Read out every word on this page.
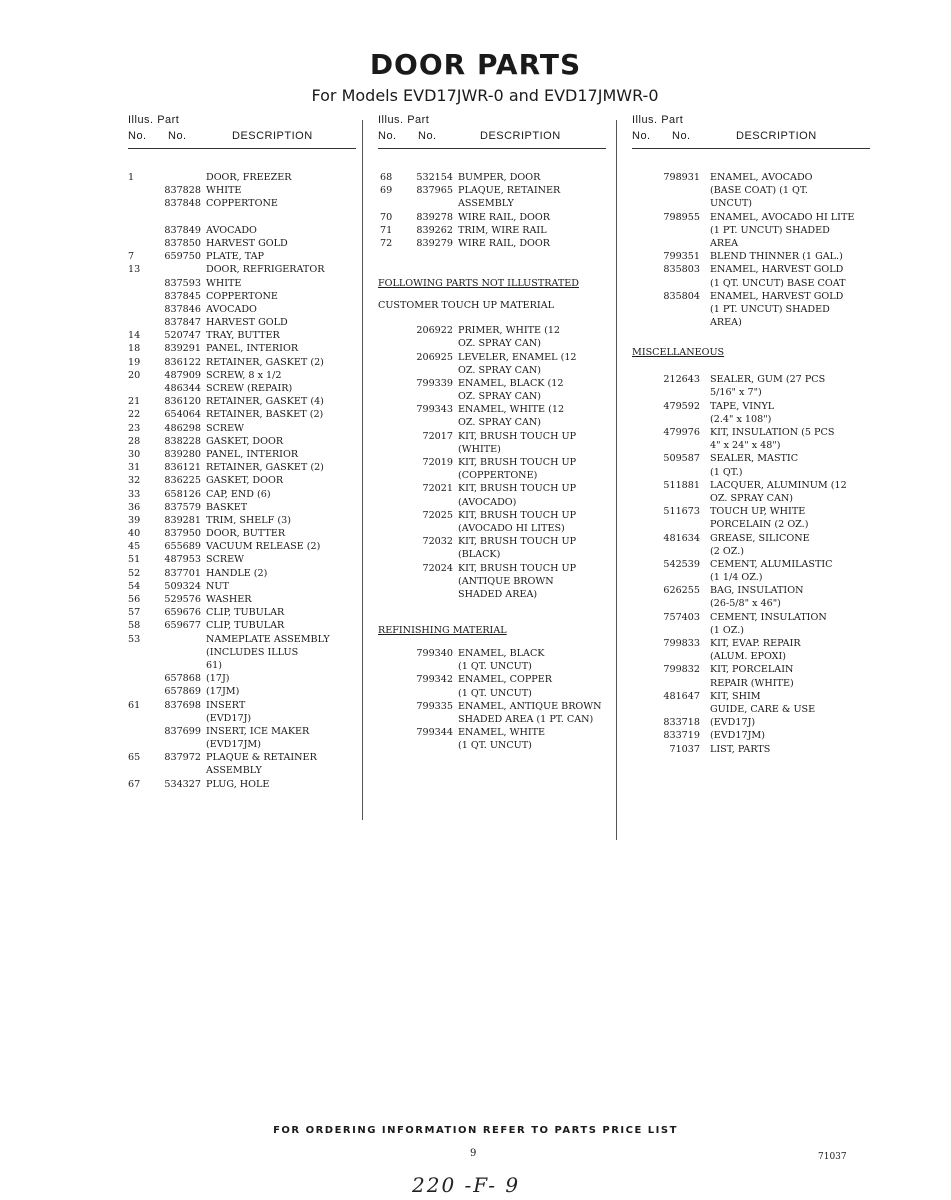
DOOR PARTS
For Models EVD17JWR-0 and EVD17JMWR-0
Illus. Part
No. No.	DESCRIPTION
1	DOOR, FREEZER
837828 WHITE
837848 COPPERTONE
837849 AVOCADO
837850 HARVEST GOLD
7	659750 PLATE, TAP
13	DOOR, REFRIGERATOR
837593 WHITE
837845 COPPERTONE
837846 AVOCADO
837847 HARVEST GOLD
14	520747 TRAY, BUTTER
18	839291 PANEL, INTERIOR
19	836122 RETAINER, GASKET (2)
20	487909 SCREW, 8 x 1/2
486344 SCREW (REPAIR)
21	836120 RETAINER, GASKET (4)
22	654064 RETAINER, BASKET (2)
23	486298 SCREW
28	838228 GASKET, DOOR
30	839280 PANEL, INTERIOR
31	836121 RETAINER, GASKET (2)
32	836225 GASKET, DOOR
33	658126 CAP, END (6)
36	837579 BASKET
39	839281 TRIM, SHELF (3)
40	837950 DOOR, BUTTER
45	655689 VACUUM RELEASE (2)
51	487953 SCREW
52	837701 HANDLE (2)
54	509324 NUT
56	529576 WASHER
57	659676 CLIP, TUBULAR
58	659677 CLIP, TUBULAR
53	NAMEPLATE ASSEMBLY
(INCLUDES ILLUS
61)
657868 (17J)
657869 (17JM)
61	837698 INSERT
(EVD17J)
837699 INSERT, ICE MAKER
(EVD17JM)
65	837972 PLAQUE & RETAINER
ASSEMBLY
67	534327 PLUG, HOLE
Illus. Part
No. No.	DESCRIPTION
68	532154 BUMPER, DOOR
69	837965 PLAQUE, RETAINER
ASSEMBLY
70	839278 WIRE RAIL, DOOR
71	839262 TRIM, WIRE RAIL
72	839279 WIRE RAIL, DOOR
FOLLOWING PARTS NOT ILLUSTRATED
CUSTOMER TOUCH UP MATERIAL
206922 PRIMER, WHITE (12
OZ. SPRAY CAN)
206925 LEVELER, ENAMEL (12
OZ. SPRAY CAN)
799339 ENAMEL, BLACK (12
OZ. SPRAY CAN)
799343 ENAMEL, WHITE (12
OZ. SPRAY CAN)
72017 KIT, BRUSH TOUCH UP
(WHITE)
72019 KIT, BRUSH TOUCH UP
(COPPERTONE)
72021 KIT, BRUSH TOUCH UP
(AVOCADO)
72025 KIT, BRUSH TOUCH UP
(AVOCADO HI LITES)
72032 KIT, BRUSH TOUCH UP
(BLACK)
72024 KIT, BRUSH TOUCH UP
(ANTIQUE BROWN
SHADED AREA)
REFINISHING MATERIAL
799340 ENAMEL, BLACK
(1 QT. UNCUT)
799342 ENAMEL, COPPER
(1 QT. UNCUT)
799335 ENAMEL, ANTIQUE BROWN
SHADED AREA (1 PT. CAN)
799344 ENAMEL, WHITE
(1 QT. UNCUT)
Illus. Part
No. No.	DESCRIPTION
798931 ENAMEL, AVOCADO
(BASE COAT) (1 QT.
UNCUT)
798955 ENAMEL, AVOCADO HI LITE
(1 PT. UNCUT) SHADED
AREA
799351 BLEND THINNER (1 GAL.)
835803 ENAMEL, HARVEST GOLD
(1 QT. UNCUT) BASE COAT
835804 ENAMEL, HARVEST GOLD
(1 PT. UNCUT) SHADED
AREA)
MISCELLANEOUS
212643 SEALER, GUM (27 PCS
5/16" x 7")
479592 TAPE, VINYL
(2.4" x 108")
479976 KIT, INSULATION (5 PCS
4" x 24" x 48")
509587 SEALER, MASTIC
(1 QT.)
511881 LACQUER, ALUMINUM (12
OZ. SPRAY CAN)
511673 TOUCH UP, WHITE
PORCELAIN (2 OZ.)
481634 GREASE, SILICONE
(2 OZ.)
542539 CEMENT, ALUMILASTIC
(1 1/4 OZ.)
626255 BAG, INSULATION
(26-5/8" x 46")
757403 CEMENT, INSULATION
(1 OZ.)
799833 KIT, EVAP. REPAIR
(ALUM. EPOXI)
799832 KIT, PORCELAIN
REPAIR (WHITE)
481647 KIT, SHIM
GUIDE, CARE & USE
833718 (EVD17J)
833719 (EVD17JM)
71037 LIST, PARTS
FOR ORDERING INFORMATION REFER TO PARTS PRICE LIST
9	71037
220 -F- 9
